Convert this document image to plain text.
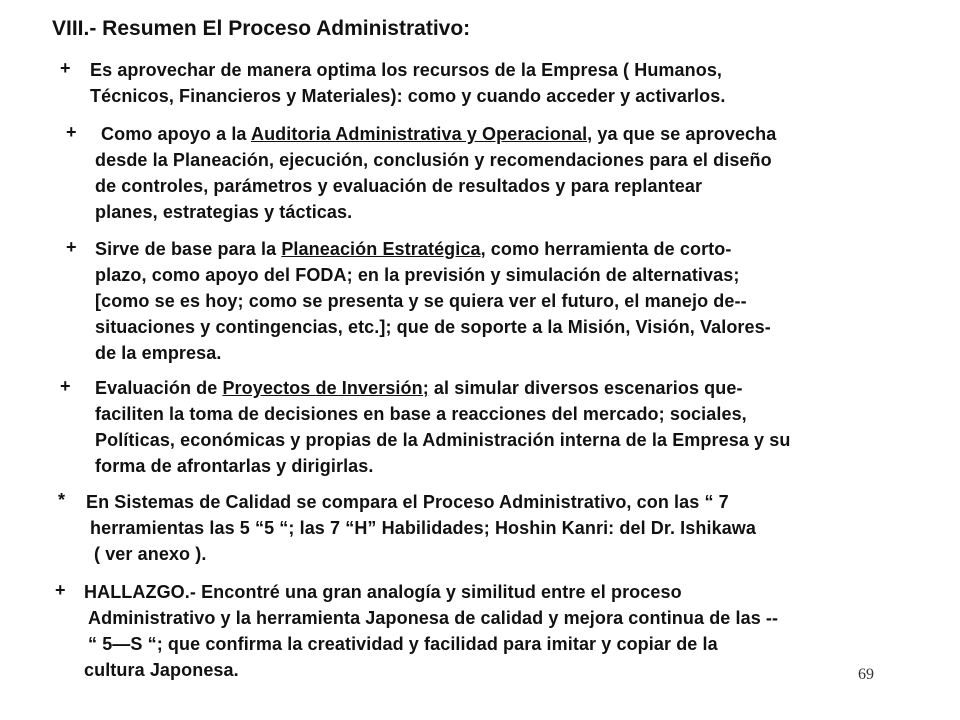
VIII.- Resumen El Proceso Administrativo:
+ Es aprovechar de manera optima los recursos de la Empresa ( Humanos,
Técnicos, Financieros y Materiales): como y cuando acceder y activarlos.
+	Como apoyo a la Auditoria Administrativa y Operacional, ya que se aprovecha
desde la Planeación, ejecución, conclusión y recomendaciones para el diseño
de controles, parámetros y evaluación de resultados y para replantear
planes, estrategias y tácticas.
+ Sirve de base para la Planeación Estratégica, como herramienta de corto-
plazo, como apoyo del FODA; en la previsión y simulación de alternativas;
[como se es hoy; como se presenta y se quiera ver el futuro, el manejo de--
situaciones y contingencias, etc.]; que de soporte a la Misión, Visión, Valores-
de la empresa.
+ Evaluación de Proyectos de Inversión; al simular diversos escenarios que-
faciliten la toma de decisiones en base a reacciones del mercado; sociales,
Políticas, económicas y propias de la Administración interna de la Empresa y su
forma de afrontarlas y dirigirlas.
* En Sistemas de Calidad se compara el Proceso Administrativo, con las “ 7
herramientas las 5 “5 “; las 7 “H” Habilidades; Hoshin Kanri: del Dr. Ishikawa
( ver anexo ).
+ HALLAZGO.- Encontré una gran analogía y similitud entre el proceso
Administrativo y la herramienta Japonesa de calidad y mejora continua de las --
“ 5—S “; que confirma la creatividad y facilidad para imitar y copiar de la
cultura Japonesa.	69
